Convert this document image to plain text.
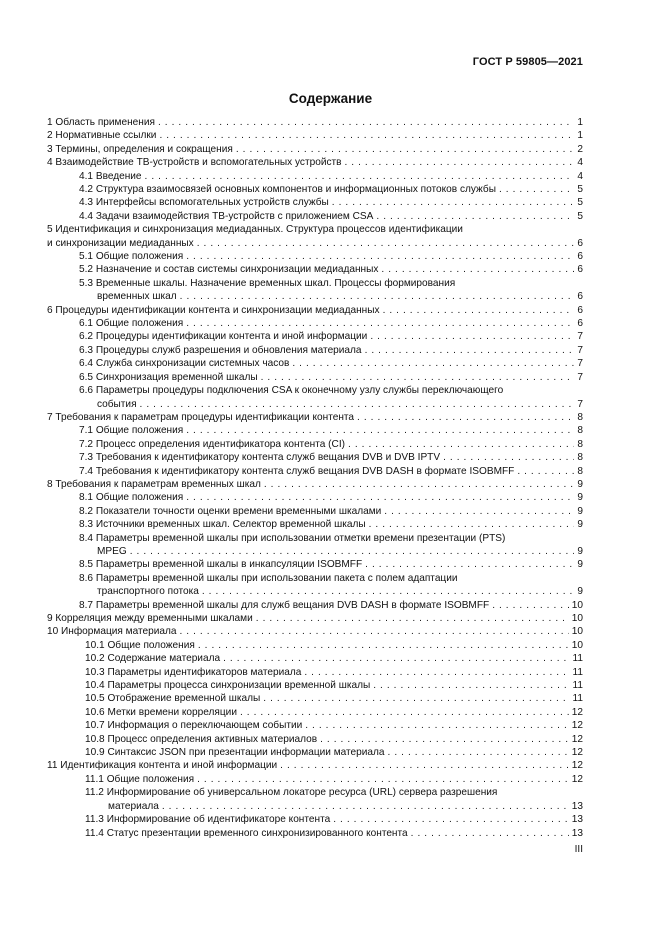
ГОСТ Р 59805—2021
Содержание
1 Область применения . . .	1
2 Нормативные ссылки . . .	1
3 Термины, определения и сокращения . . .	2
4 Взаимодействие ТВ-устройств и вспомогательных устройств . . .	4
4.1 Введение . . .	4
4.2 Структура взаимосвязей основных компонентов и информационных потоков службы . . .	5
4.3 Интерфейсы вспомогательных устройств службы . . .	5
4.4 Задачи взаимодействия ТВ-устройств с приложением CSA . . .	5
5 Идентификация и синхронизация медиаданных. Структура процессов идентификации
и синхронизации медиаданных . . .	6
5.1 Общие положения . . .	6
5.2 Назначение и состав системы синхронизации медиаданных . . .	6
5.3 Временные шкалы. Назначение временных шкал. Процессы формирования
временных шкал . . .	6
6 Процедуры идентификации контента и синхронизации медиаданных . . .	6
6.1 Общие положения . . .	6
6.2 Процедуры идентификации контента и иной информации . . .	7
6.3 Процедуры служб разрешения и обновления материала . . .	7
6.4 Служба синхронизации системных часов . . .	7
6.5 Синхронизация временной шкалы . . .	7
6.6 Параметры процедуры подключения CSA к оконечному узлу службы переключающего
события . . .	7
7 Требования к параметрам процедуры идентификации контента . . .	8
7.1 Общие положения . . .	8
7.2 Процесс определения идентификатора контента (CI) . . .	8
7.3 Требования к идентификатору контента служб вещания DVB и DVB IPTV . . .	8
7.4 Требования к идентификатору контента служб вещания DVB DASH в формате ISOBMFF . . .	8
8 Требования к параметрам временных шкал . . .	9
8.1 Общие положения . . .	9
8.2 Показатели точности оценки времени временными шкалами . . .	9
8.3 Источники временных шкал. Селектор временной шкалы . . .	9
8.4 Параметры временной шкалы при использовании отметки времени презентации (PTS)
MPEG . . .	9
8.5 Параметры временной шкалы в инкапсуляции ISOBMFF . . .	9
8.6 Параметры временной шкалы при использовании пакета с полем адаптации
транспортного потока . . .	9
8.7 Параметры временной шкалы для служб вещания DVB DASH в формате ISOBMFF . . .	10
9 Корреляция между временными шкалами . . .	10
10 Информация материала . . .	10
10.1 Общие положения . . .	10
10.2 Содержание материала . . .	11
10.3 Параметры идентификаторов материала . . .	11
10.4 Параметры процесса синхронизации временной шкалы . . .	11
10.5 Отображение временной шкалы . . .	11
10.6 Метки времени корреляции . . .	12
10.7 Информация о переключающем событии . . .	12
10.8 Процесс определения активных материалов . . .	12
10.9 Синтаксис JSON при презентации информации материала . . .	12
11 Идентификация контента и иной информации . . .	12
11.1 Общие положения . . .	12
11.2 Информирование об универсальном локаторе ресурса (URL) сервера разрешения
материала . . .	13
11.3 Информирование об идентификаторе контента . . .	13
11.4 Статус презентации временного синхронизированного контента . . .	13
III
